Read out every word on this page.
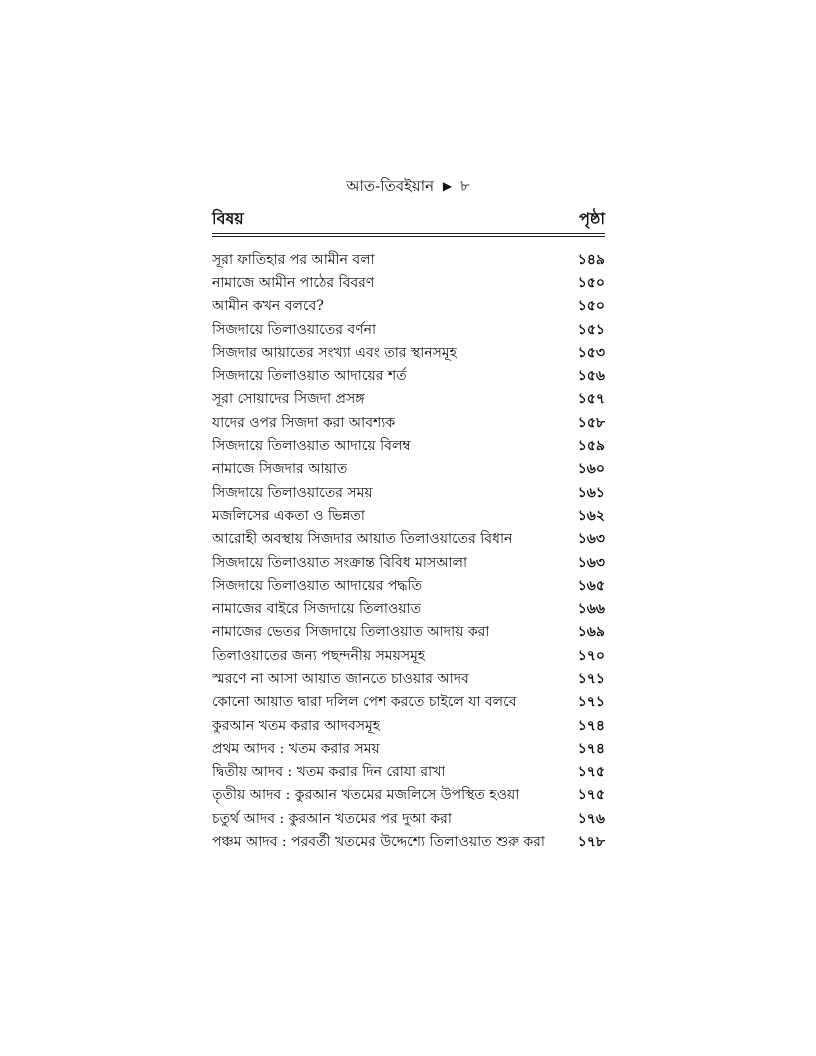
আত-তিবইয়ান ▶ ৮
বিষয়	পৃষ্ঠা
সূরা ফাতিহার পর আমীন বলা	১৪৯
নামাজে আমীন পাঠের বিবরণ	১৫০
আমীন কখন বলবে?	১৫০
সিজদায়ে তিলাওয়াতের বর্ণনা	১৫১
সিজদার আয়াতের সংখ্যা এবং তার স্থানসমূহ	১৫৩
সিজদায়ে তিলাওয়াত আদায়ের শর্ত	১৫৬
সূরা সোয়াদের সিজদা প্রসঙ্গ	১৫৭
যাদের ওপর সিজদা করা আবশ্যক	১৫৮
সিজদায়ে তিলাওয়াত আদায়ে বিলম্ব	১৫৯
নামাজে সিজদার আয়াত	১৬০
সিজদায়ে তিলাওয়াতের সময়	১৬১
মজলিসের একতা ও ভিন্নতা	১৬২
আরোহী অবস্থায় সিজদার আয়াত তিলাওয়াতের বিধান	১৬৩
সিজদায়ে তিলাওয়াত সংক্রান্ত বিবিধ মাসআলা	১৬৩
সিজদায়ে তিলাওয়াত আদায়ের পদ্ধতি	১৬৫
নামাজের বাইরে সিজদায়ে তিলাওয়াত	১৬৬
নামাজের ভেতর সিজদায়ে তিলাওয়াত আদায় করা	১৬৯
তিলাওয়াতের জন্য পছন্দনীয় সময়সমূহ	১৭০
স্মরণে না আসা আয়াত জানতে চাওয়ার আদব	১৭১
কোনো আয়াত দ্বারা দলিল পেশ করতে চাইলে যা বলবে	১৭১
কুরআন খতম করার আদবসমূহ	১৭৪
প্রথম আদব : খতম করার সময়	১৭৪
দ্বিতীয় আদব : খতম করার দিন রোযা রাখা	১৭৫
তৃতীয় আদব : কুরআন খতমের মজলিসে উপস্থিত হওয়া	১৭৫
চতুর্থ আদব : কুরআন খতমের পর দুআ করা	১৭৬
পঞ্চম আদব : পরবর্তী খতমের উদ্দেশ্যে তিলাওয়াত শুরু করা	১৭৮
